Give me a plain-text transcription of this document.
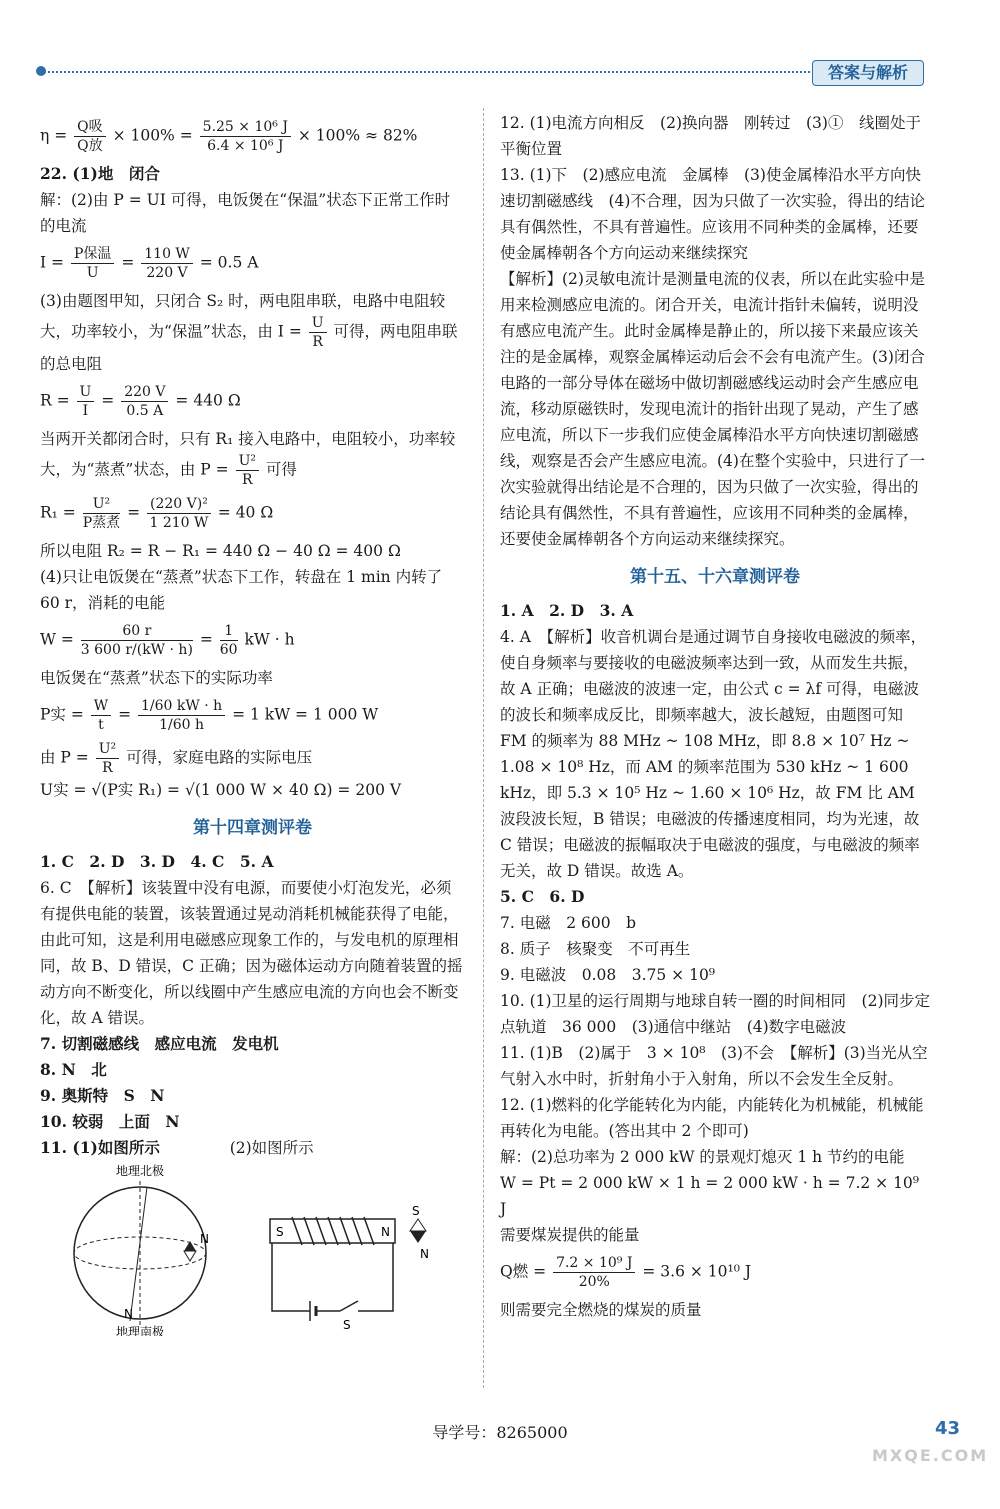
答案与解析

$\eta = \frac{\text{Q吸}}{\text{Q放}} \times 100\% = \frac{\text{5.25 × 10⁶ J}}{\text{6.4 × 10⁶ J}} \times 100\% \approx 82\%$

22. (1)地　闭合

解：(2)由 P = UI 可得，电饭煲在“保温”状态下正常工作时的电流

$I = \frac{\text{P保温}}{U} = \frac{110 W}{220 V} = 0.5$ A

(3)由题图甲知，只闭合 S₂ 时，两电阻串联，电路中电阻较大，功率较小，为“保温”状态，由 $I = \frac{U}{R}$ 可得，两电阻串联的总电阻

$R = \frac{U}{I} = \frac{220 V}{0.5 A} = 440$ Ω

当两开关都闭合时，只有 R₁ 接入电路中，电阻较小，功率较大，为“蒸煮”状态，由 $P = \frac{\text{U²}}{R}$ 可得

$R_1 = \frac{\text{U²}}{\text{P蒸煮}} = \frac{\text{(220 V)²}}{1 210 W} = 40$ Ω

所以电阻 R₂ = R − R₁ = 440 Ω − 40 Ω = 400 Ω

(4)只让电饭煲在“蒸煮”状态下工作，转盘在 1 min 内转了 60 r，消耗的电能

$W = \frac{60 r}{3 600 r/(kW \cdot h)} = \frac{1}{60}$ kW · h

电饭煲在“蒸煮”状态下的实际功率

P实 = $\frac{W}{t} = \frac{1/60 kW \cdot h}{1/60 h} = 1$ kW = 1 000 W

由 $P = \frac{\text{U²}}{R}$ 可得，家庭电路的实际电压

U实 = √(P实 R₁) = √(1 000 W × 40 Ω) = 200 V

第十四章测评卷

1. C　2. D　3. D　4. C　5. A

6. C　【解析】该装置中没有电源，而要使小灯泡发光，必须有提供电能的装置，该装置通过晃动消耗机械能获得了电能，由此可知，这是利用电磁感应现象工作的，与发电机的原理相同，故 B、D 错误，C 正确；因为磁体运动方向随着装置的摇动方向不断变化，所以线圈中产生感应电流的方向也会不断变化，故 A 错误。

7. 切割磁感线　感应电流　发电机

8. N　北

9. 奥斯特　S　N

10. 较弱　上面　N

11. (1)如图所示	(2)如图所示

地理北极
N
N
地理南极
S	N
S
S
N

12. (1)电流方向相反　(2)换向器　刚转过　(3)①　线圈处于平衡位置

13. (1)下　(2)感应电流　金属棒　(3)使金属棒沿水平方向快速切割磁感线　(4)不合理，因为只做了一次实验，得出的结论具有偶然性，不具有普遍性。应该用不同种类的金属棒，还要使金属棒朝各个方向运动来继续探究

【解析】(2)灵敏电流计是测量电流的仪表，所以在此实验中是用来检测感应电流的。闭合开关，电流计指针未偏转，说明没有感应电流产生。此时金属棒是静止的，所以接下来最应该关注的是金属棒，观察金属棒运动后会不会有电流产生。(3)闭合电路的一部分导体在磁场中做切割磁感线运动时会产生感应电流，移动原磁铁时，发现电流计的指针出现了晃动，产生了感应电流，所以下一步我们应使金属棒沿水平方向快速切割磁感线，观察是否会产生感应电流。(4)在整个实验中，只进行了一次实验就得出结论是不合理的，因为只做了一次实验，得出的结论具有偶然性，不具有普遍性，应该用不同种类的金属棒，还要使金属棒朝各个方向运动来继续探究。

第十五、十六章测评卷

1. A　2. D　3. A

4. A　【解析】收音机调台是通过调节自身接收电磁波的频率，使自身频率与要接收的电磁波频率达到一致，从而发生共振，故 A 正确；电磁波的波速一定，由公式 c = λf 可得，电磁波的波长和频率成反比，即频率越大，波长越短，由题图可知 FM 的频率为 88 MHz ~ 108 MHz，即 8.8 × 10⁷ Hz ~ 1.08 × 10⁸ Hz，而 AM 的频率范围为 530 kHz ~ 1 600 kHz，即 5.3 × 10⁵ Hz ~ 1.60 × 10⁶ Hz，故 FM 比 AM 波段波长短，B 错误；电磁波的传播速度相同，均为光速，故 C 错误；电磁波的振幅取决于电磁波的强度，与电磁波的频率无关，故 D 错误。故选 A。

5. C　6. D

7. 电磁　2 600　b

8. 质子　核聚变　不可再生

9. 电磁波　0.08　3.75 × 10⁹

10. (1)卫星的运行周期与地球自转一圈的时间相同　(2)同步定点轨道　36 000　(3)通信中继站　(4)数字电磁波

11. (1)B　(2)属于　3 × 10⁸　(3)不会　【解析】(3)当光从空气射入水中时，折射角小于入射角，所以不会发生全反射。

12. (1)燃料的化学能转化为内能，内能转化为机械能，机械能再转化为电能。(答出其中 2 个即可)

解：(2)总功率为 2 000 kW 的景观灯熄灭 1 h 节约的电能

W = Pt = 2 000 kW × 1 h = 2 000 kW · h = 7.2 × 10⁹ J

需要煤炭提供的能量

Q燃 = $\frac{\text{7.2 × 10⁹ J}}{20\%} = 3.6 \times 10^{10}$ J

则需要完全燃烧的煤炭的质量

导学号：8265000	43
MXQE.COM
